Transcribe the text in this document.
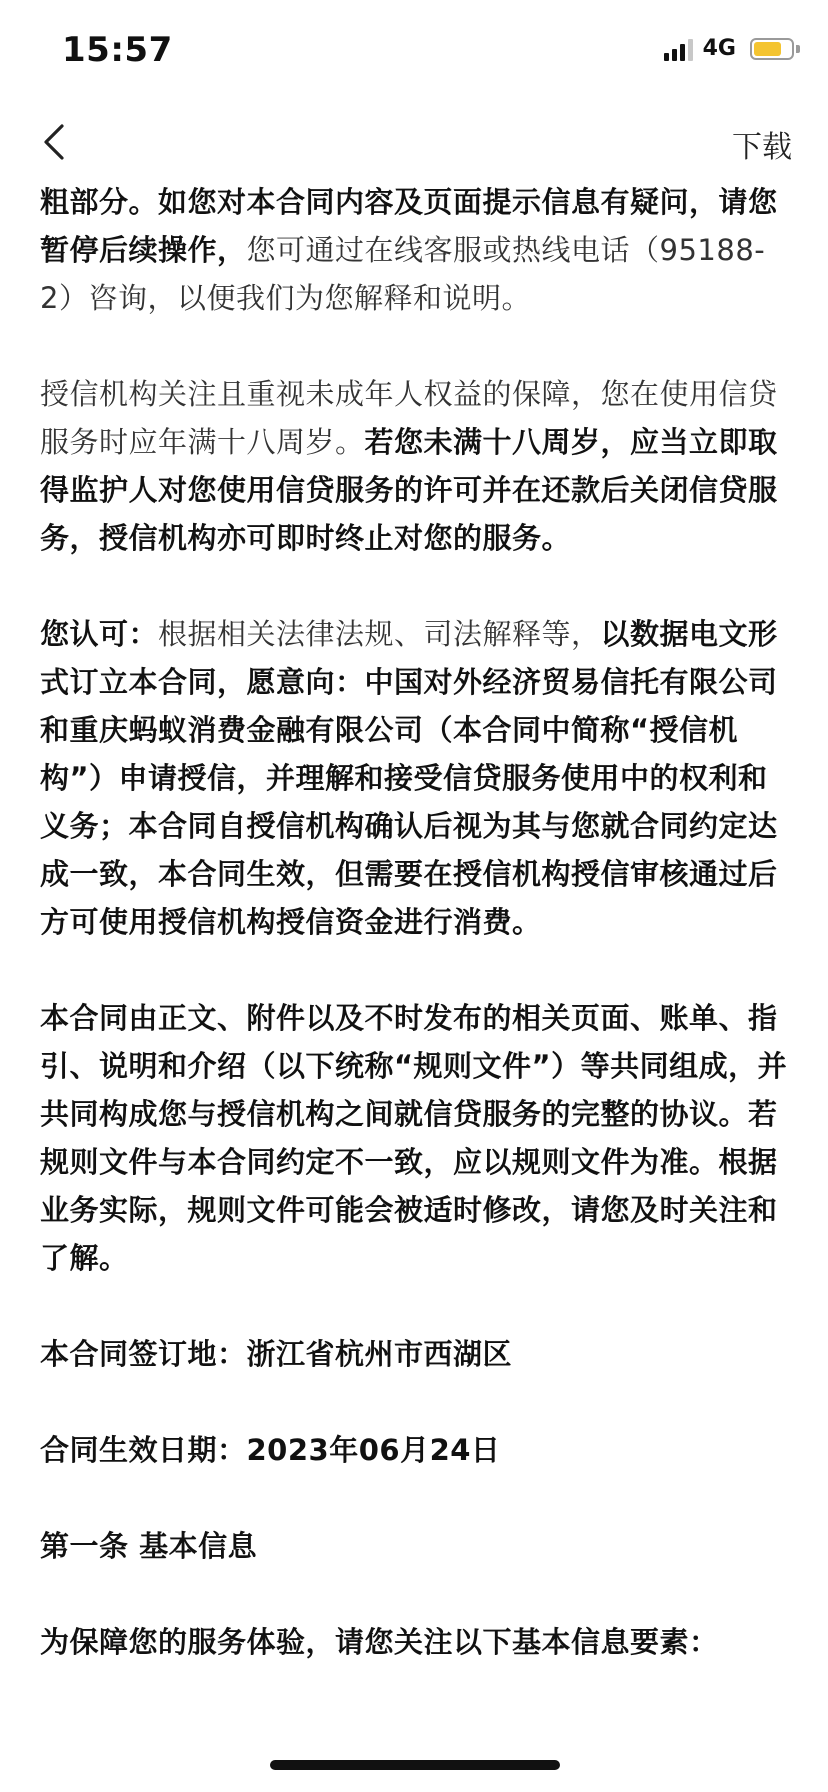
15:57	4G
下载

粗部分。如您对本合同内容及页面提示信息有疑问，请您暂停后续操作，您可通过在线客服或热线电话（95188-2）咨询，以便我们为您解释和说明。

授信机构关注且重视未成年人权益的保障，您在使用信贷服务时应年满十八周岁。若您未满十八周岁，应当立即取得监护人对您使用信贷服务的许可并在还款后关闭信贷服务，授信机构亦可即时终止对您的服务。

您认可：根据相关法律法规、司法解释等，以数据电文形式订立本合同，愿意向：中国对外经济贸易信托有限公司和重庆蚂蚁消费金融有限公司（本合同中简称“授信机构”）申请授信，并理解和接受信贷服务使用中的权利和义务；本合同自授信机构确认后视为其与您就合同约定达成一致，本合同生效，但需要在授信机构授信审核通过后方可使用授信机构授信资金进行消费。

本合同由正文、附件以及不时发布的相关页面、账单、指引、说明和介绍（以下统称“规则文件”）等共同组成，并共同构成您与授信机构之间就信贷服务的完整的协议。若规则文件与本合同约定不一致，应以规则文件为准。根据业务实际，规则文件可能会被适时修改，请您及时关注和了解。

本合同签订地：浙江省杭州市西湖区

合同生效日期：2023年06月24日

第一条 基本信息

为保障您的服务体验，请您关注以下基本信息要素：
